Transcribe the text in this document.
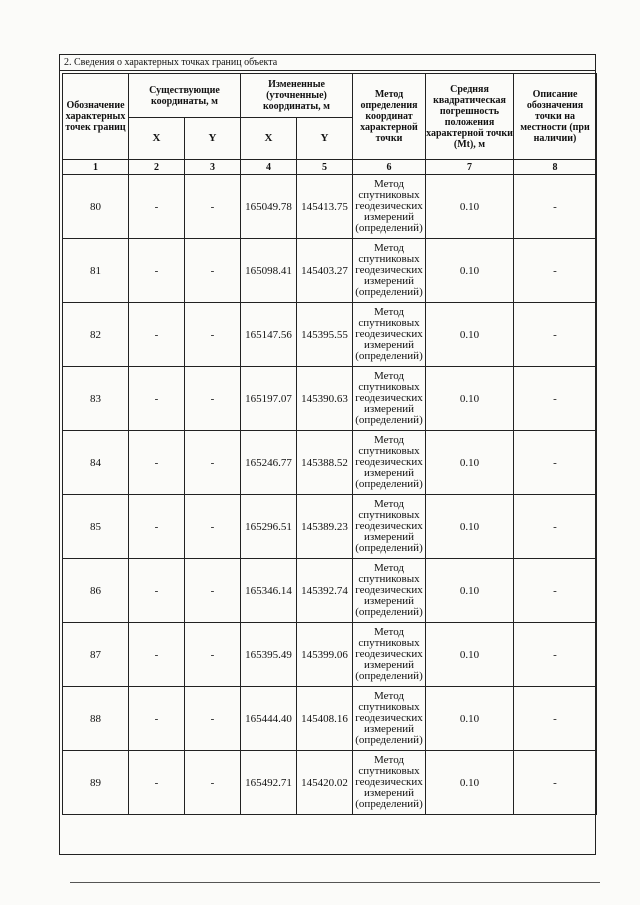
2. Сведения о характерных точках границ объекта
Обозначение характерных точек границ	Существующие координаты, м		Измененные (уточненные) координаты, м		Метод определения координат характерной точки	Средняя квадратическая погрешность положения характерной точки (Mt), м	Описание обозначения точки на местности (при наличии)
	X	Y	X	Y			
1	2	3	4	5	6	7	8
80	-	-	165049.78	145413.75	Метод спутниковых геодезических измерений (определений)	0.10	-
81	-	-	165098.41	145403.27	Метод спутниковых геодезических измерений (определений)	0.10	-
82	-	-	165147.56	145395.55	Метод спутниковых геодезических измерений (определений)	0.10	-
83	-	-	165197.07	145390.63	Метод спутниковых геодезических измерений (определений)	0.10	-
84	-	-	165246.77	145388.52	Метод спутниковых геодезических измерений (определений)	0.10	-
85	-	-	165296.51	145389.23	Метод спутниковых геодезических измерений (определений)	0.10	-
86	-	-	165346.14	145392.74	Метод спутниковых геодезических измерений (определений)	0.10	-
87	-	-	165395.49	145399.06	Метод спутниковых геодезических измерений (определений)	0.10	-
88	-	-	165444.40	145408.16	Метод спутниковых геодезических измерений (определений)	0.10	-
89	-	-	165492.71	145420.02	Метод спутниковых геодезических измерений (определений)	0.10	-
